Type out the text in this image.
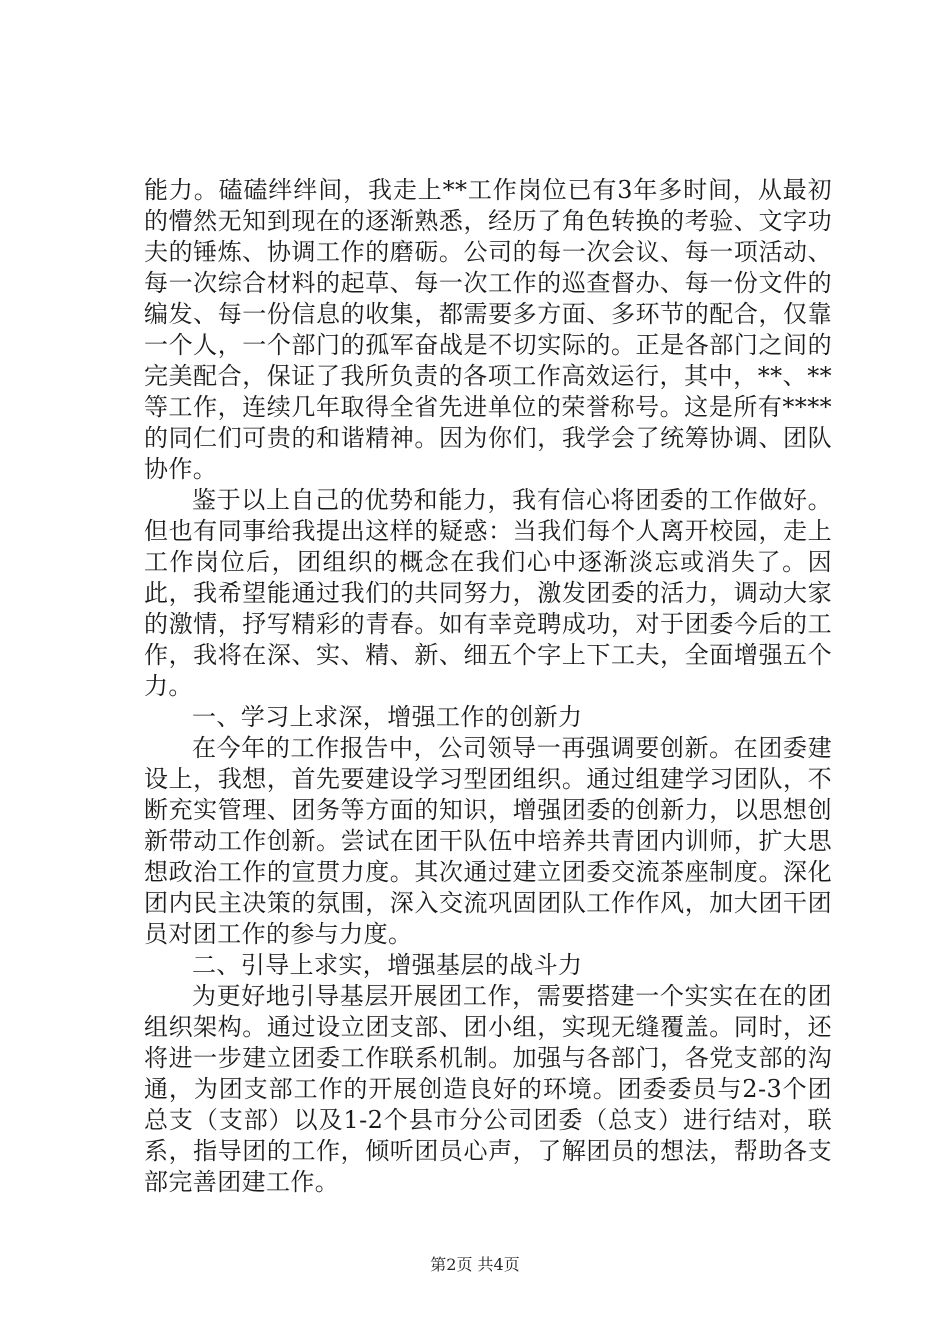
能力。磕磕绊绊间，我走上**工作岗位已有3年多时间，从最初的懵然无知到现在的逐渐熟悉，经历了角色转换的考验、文字功夫的锤炼、协调工作的磨砺。公司的每一次会议、每一项活动、每一次综合材料的起草、每一次工作的巡查督办、每一份文件的编发、每一份信息的收集，都需要多方面、多环节的配合，仅靠一个人，一个部门的孤军奋战是不切实际的。正是各部门之间的完美配合，保证了我所负责的各项工作高效运行，其中，**、**等工作，连续几年取得全省先进单位的荣誉称号。这是所有****的同仁们可贵的和谐精神。因为你们，我学会了统筹协调、团队协作。

鉴于以上自己的优势和能力，我有信心将团委的工作做好。但也有同事给我提出这样的疑惑：当我们每个人离开校园，走上工作岗位后，团组织的概念在我们心中逐渐淡忘或消失了。因此，我希望能通过我们的共同努力，激发团委的活力，调动大家的激情，抒写精彩的青春。如有幸竞聘成功，对于团委今后的工作，我将在深、实、精、新、细五个字上下工夫，全面增强五个力。

一、学习上求深，增强工作的创新力

在今年的工作报告中，公司领导一再强调要创新。在团委建设上，我想，首先要建设学习型团组织。通过组建学习团队，不断充实管理、团务等方面的知识，增强团委的创新力，以思想创新带动工作创新。尝试在团干队伍中培养共青团内训师，扩大思想政治工作的宣贯力度。其次通过建立团委交流茶座制度。深化团内民主决策的氛围，深入交流巩固团队工作作风，加大团干团员对团工作的参与力度。

二、引导上求实，增强基层的战斗力

为更好地引导基层开展团工作，需要搭建一个实实在在的团组织架构。通过设立团支部、团小组，实现无缝覆盖。同时，还将进一步建立团委工作联系机制。加强与各部门，各党支部的沟通，为团支部工作的开展创造良好的环境。团委委员与2-3个团总支（支部）以及1-2个县市分公司团委（总支）进行结对，联系，指导团的工作，倾听团员心声，了解团员的想法，帮助各支部完善团建工作。

第2页 共4页
